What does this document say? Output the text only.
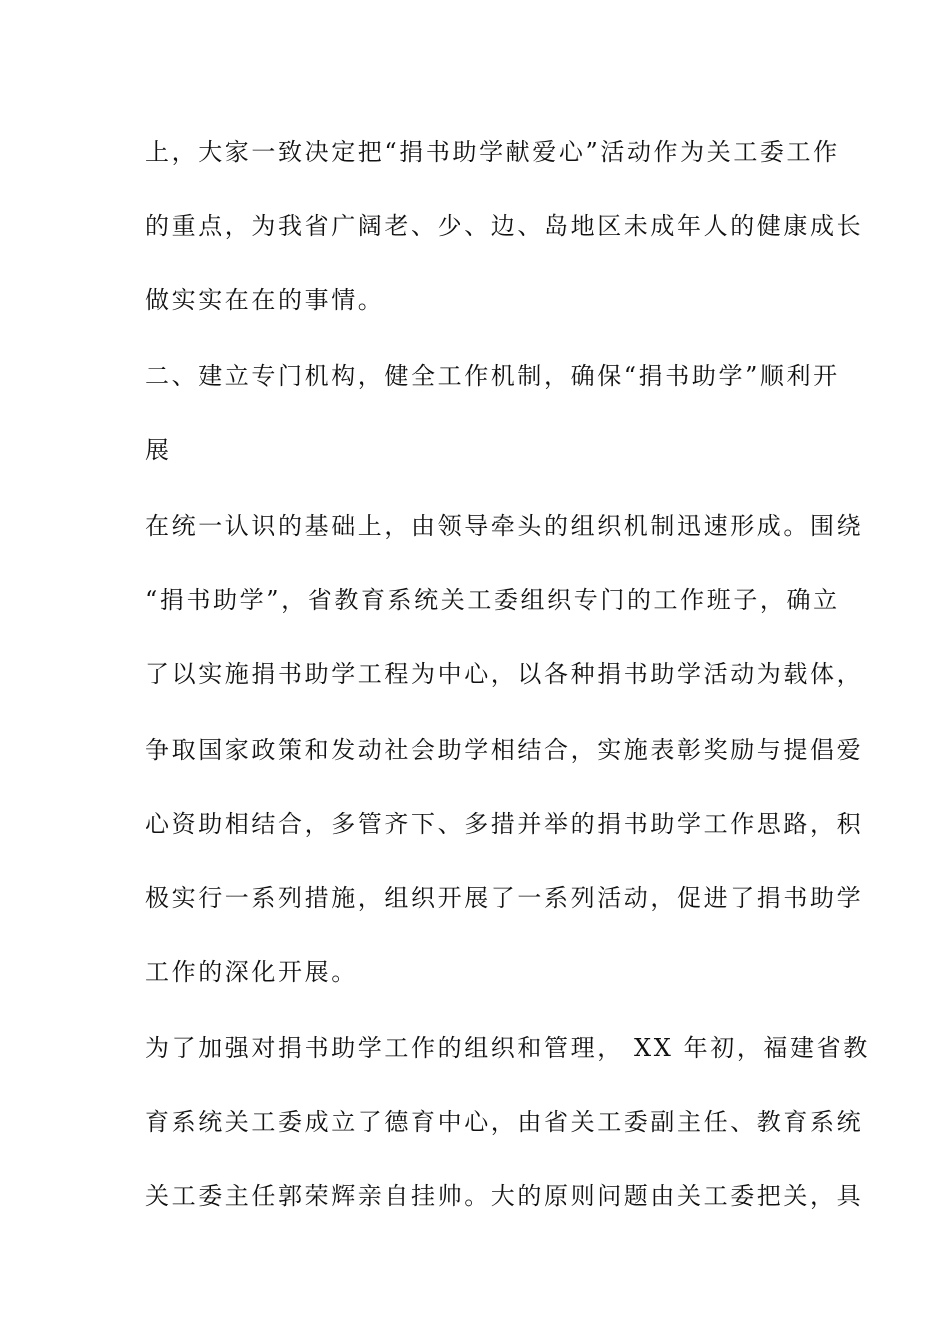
上，大家一致决定把“捐书助学献爱心”活动作为关工委工作
的重点，为我省广阔老、少、边、岛地区未成年人的健康成长
做实实在在的事情。
二、建立专门机构，健全工作机制，确保“捐书助学”顺利开
展
在统一认识的基础上，由领导牵头的组织机制迅速形成。围绕
“捐书助学”，省教育系统关工委组织专门的工作班子，确立
了以实施捐书助学工程为中心，以各种捐书助学活动为载体，
争取国家政策和发动社会助学相结合，实施表彰奖励与提倡爱
心资助相结合，多管齐下、多措并举的捐书助学工作思路，积
极实行一系列措施，组织开展了一系列活动，促进了捐书助学
工作的深化开展。
为了加强对捐书助学工作的组织和管理， XX 年初，福建省教
育系统关工委成立了德育中心，由省关工委副主任、教育系统
关工委主任郭荣辉亲自挂帅。大的原则问题由关工委把关，具
